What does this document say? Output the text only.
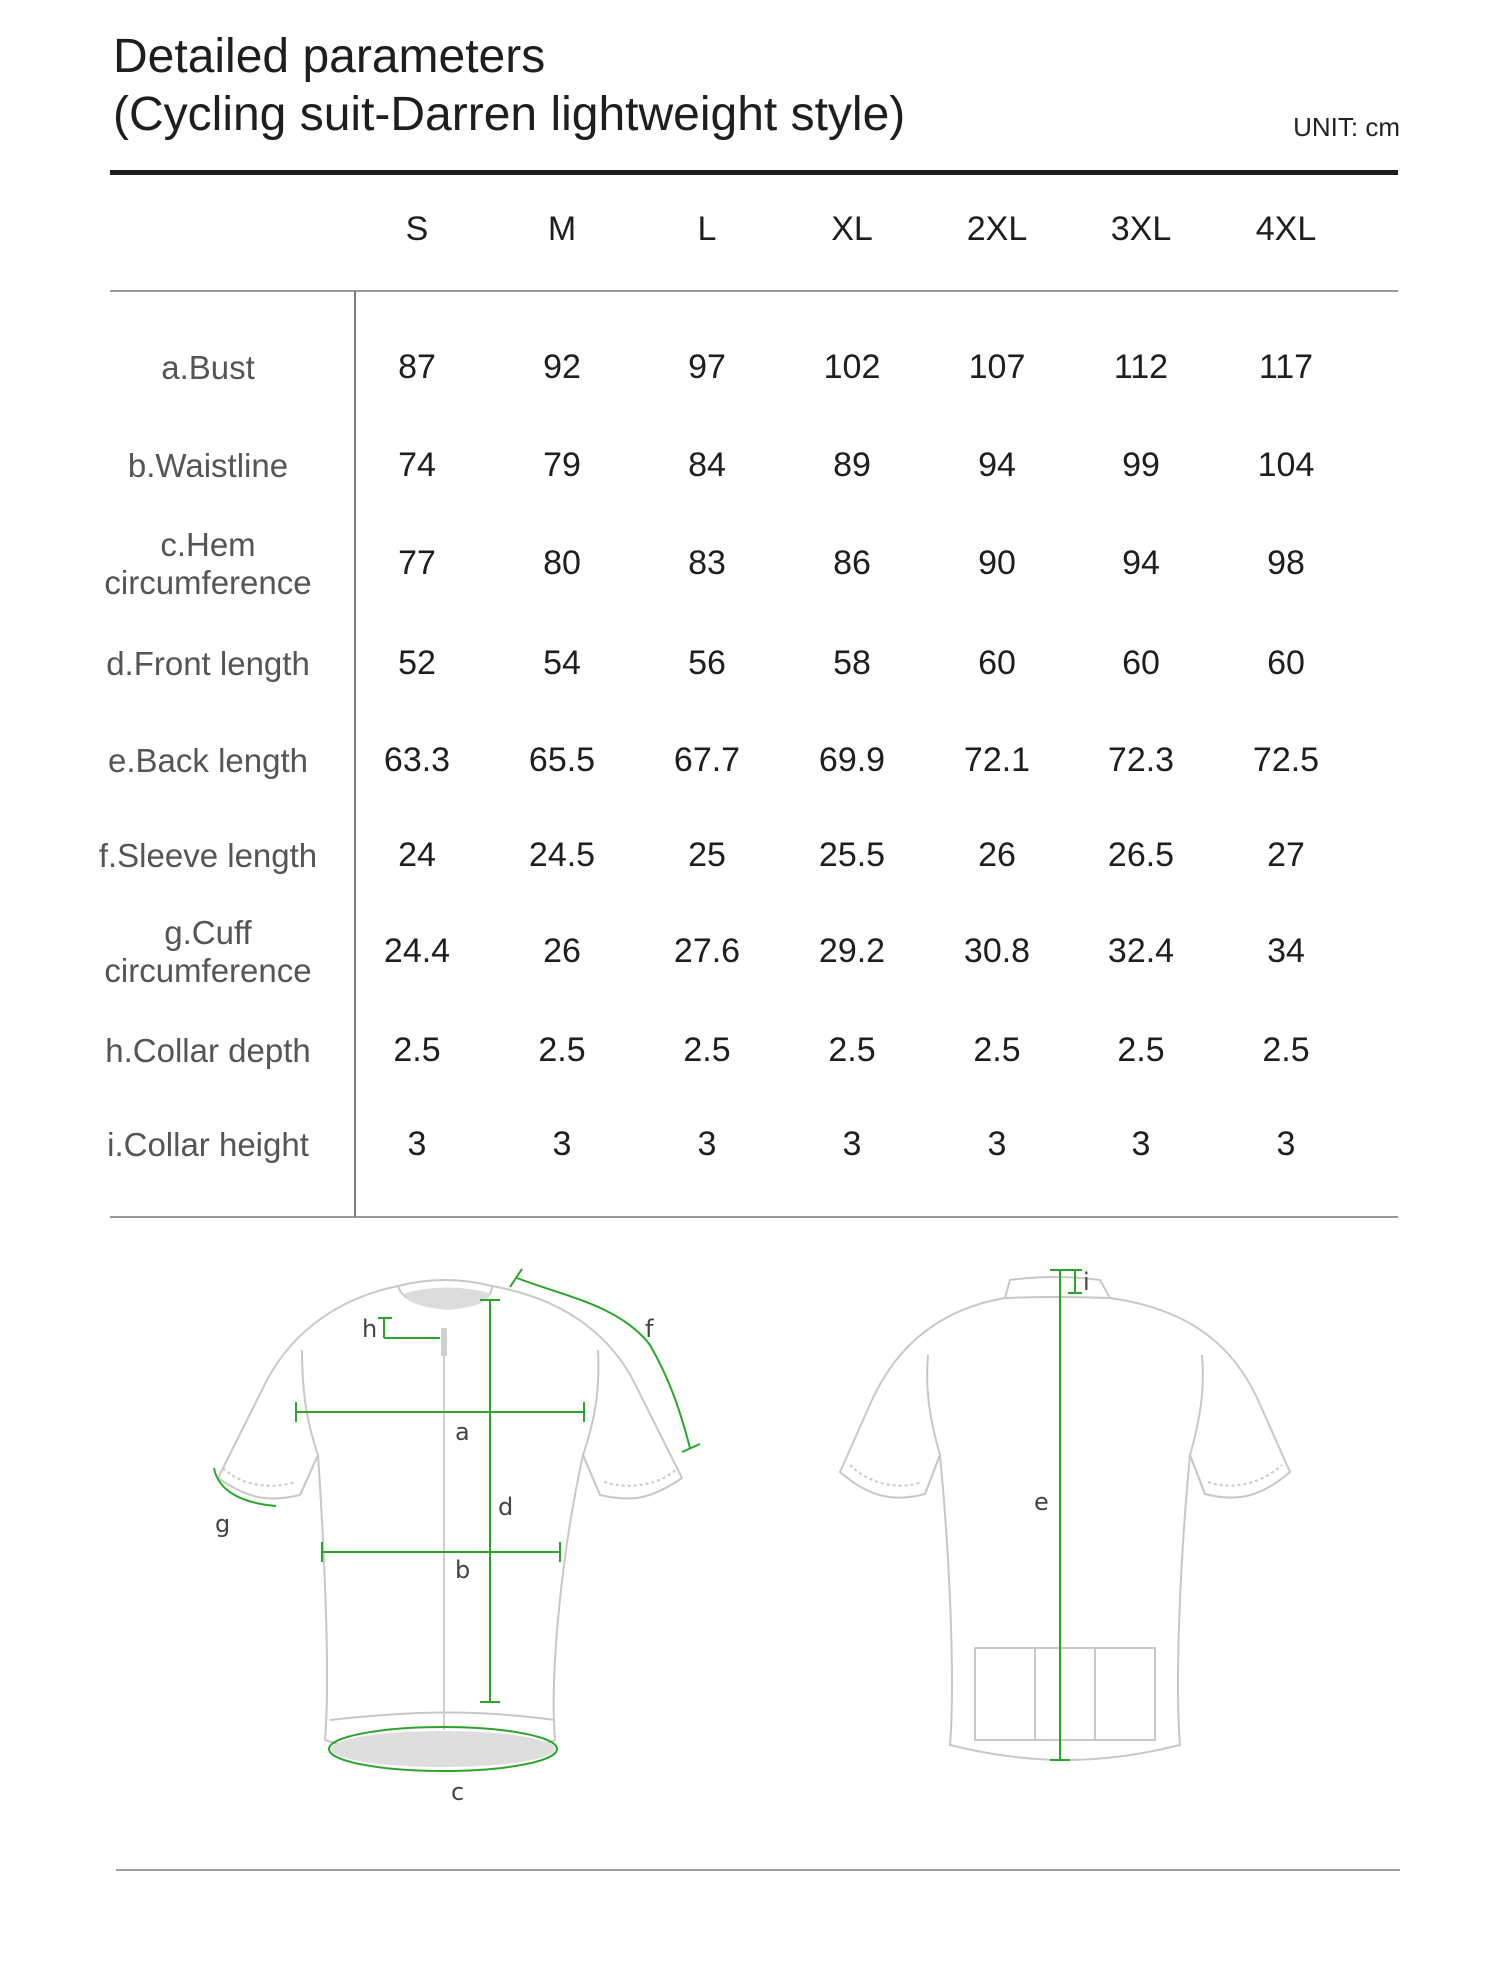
Detailed parameters
(Cycling suit-Darren lightweight style)	UNIT: cm
S	M	L	XL	2XL	3XL	4XL
a.Bust	87	92	97	102	107	112	117
b.Waistline	74	79	84	89	94	99	104
c.Hem
circumference
77	80	83	86	90	94	98
d.Front length	52	54	56	58	60	60	60
e.Back length	63.3	65.5	67.7	69.9	72.1	72.3	72.5
f.Sleeve length	24	24.5	25	25.5	26	26.5	27
g.Cuff
circumference
24.4	26	27.6	29.2	30.8	32.4	34
h.Collar depth	2.5	2.5	2.5	2.5	2.5	2.5	2.5
i.Collar height	3	3	3	3	3	3	3
a
b
c
d	e
f
g
h
i
